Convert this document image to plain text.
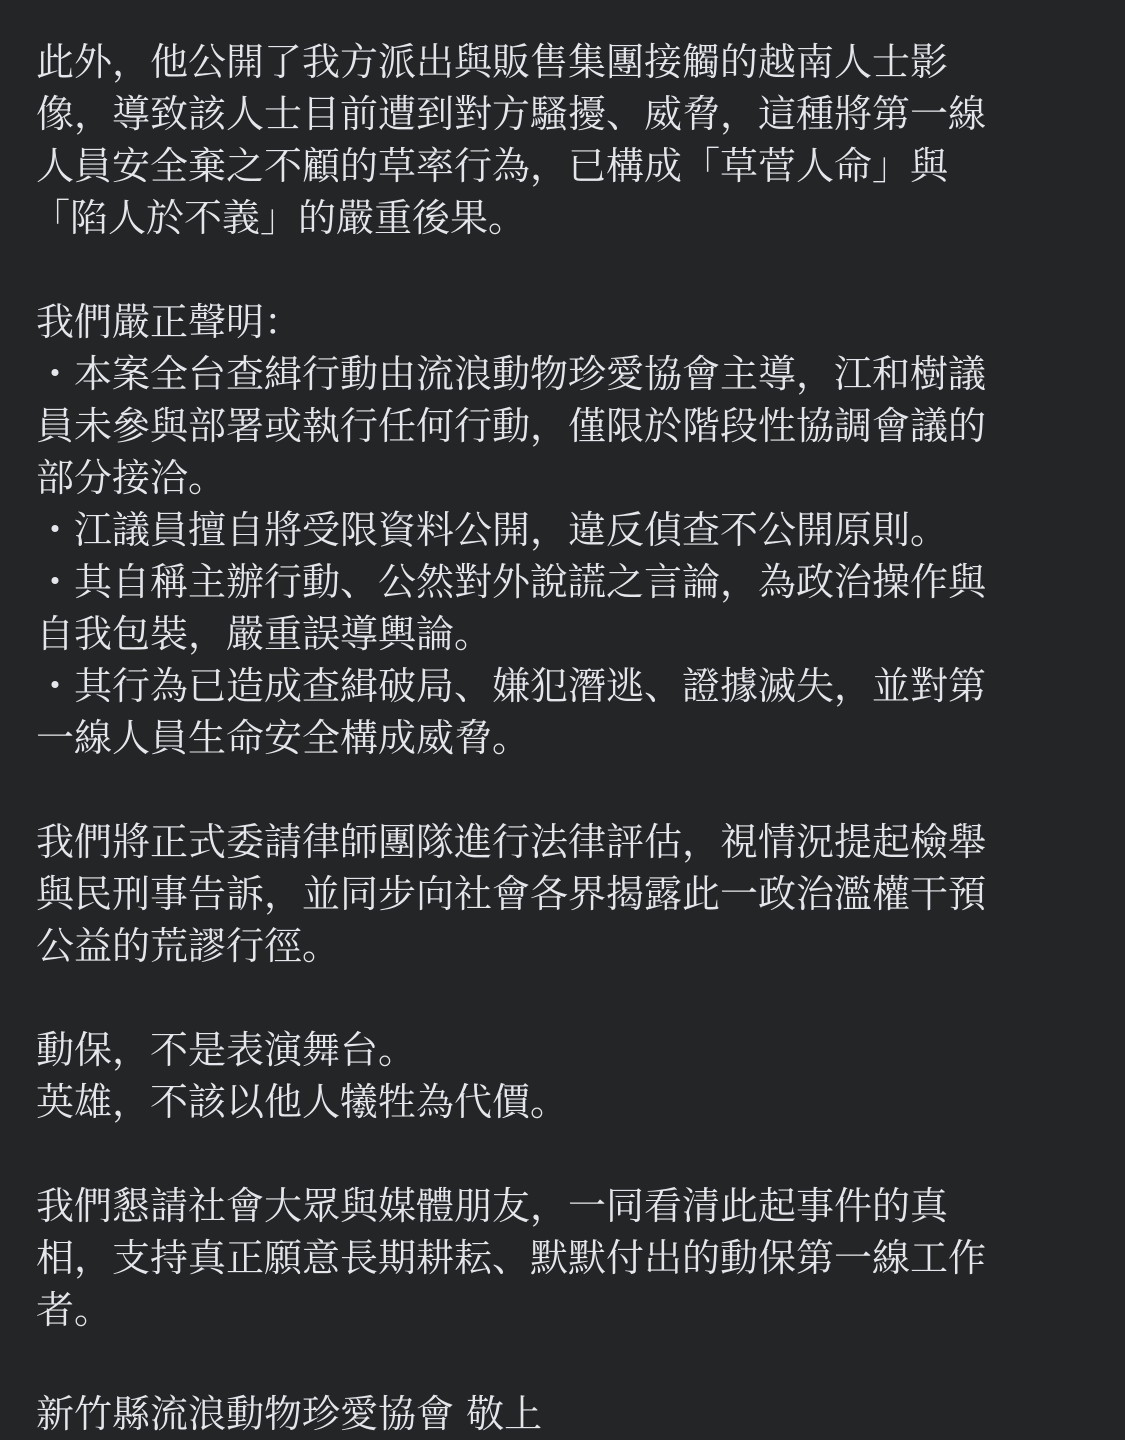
此外，他公開了我方派出與販售集團接觸的越南人士影
像，導致該人士目前遭到對方騷擾、威脅，這種將第一線
人員安全棄之不顧的草率行為，已構成「草菅人命」與
「陷人於不義」的嚴重後果。
我們嚴正聲明：
・本案全台查緝行動由流浪動物珍愛協會主導，江和樹議
員未參與部署或執行任何行動，僅限於階段性協調會議的
部分接洽。
・江議員擅自將受限資料公開，違反偵查不公開原則。
・其自稱主辦行動、公然對外說謊之言論，為政治操作與
自我包裝，嚴重誤導輿論。
・其行為已造成查緝破局、嫌犯潛逃、證據滅失，並對第
一線人員生命安全構成威脅。
我們將正式委請律師團隊進行法律評估，視情況提起檢舉
與民刑事告訴，並同步向社會各界揭露此一政治濫權干預
公益的荒謬行徑。
動保，不是表演舞台。
英雄，不該以他人犧牲為代價。
我們懇請社會大眾與媒體朋友，一同看清此起事件的真
相，支持真正願意長期耕耘、默默付出的動保第一線工作
者。
新竹縣流浪動物珍愛協會 敬上
